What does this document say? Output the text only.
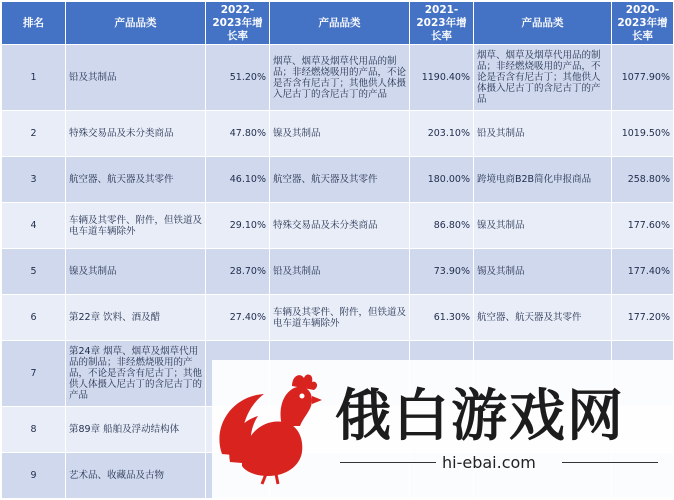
排名	产品品类	2022-2023年增长率	产品品类	2021-2023年增长率	产品品类	2020-2023年增长率
1	铅及其制品	51.20%	烟草、烟草及烟草代用品的制品；非经燃烧吸用的产品，不论是否含有尼古丁；其他供人体摄入尼古丁的含尼古丁的产品	1190.40%	烟草、烟草及烟草代用品的制品；非经燃烧吸用的产品，不论是否含有尼古丁；其他供人体摄入尼古丁的含尼古丁的产品	1077.90%
2	特殊交易品及未分类商品	47.80%	镍及其制品	203.10%	铅及其制品	1019.50%
3	航空器、航天器及其零件	46.10%	航空器、航天器及其零件	180.00%	跨境电商B2B简化申报商品	258.80%
4	车辆及其零件、附件，但铁道及电车道车辆除外	29.10%	特殊交易品及未分类商品	86.80%	镍及其制品	177.60%
5	镍及其制品	28.70%	铅及其制品	73.90%	锡及其制品	177.40%
6	第22章 饮料、酒及醋	27.40%	车辆及其零件、附件，但铁道及电车道车辆除外	61.30%	航空器、航天器及其零件	177.20%
7	第24章 烟草、烟草及烟草代用品的制品；非经燃烧吸用的产品，不论是否含有尼古丁；其他供人体摄入尼古丁的含尼古丁的产品					
8	第89章 船舶及浮动结构体					
9	艺术品、收藏品及古物					
俄白游戏网
hi-ebai.com
